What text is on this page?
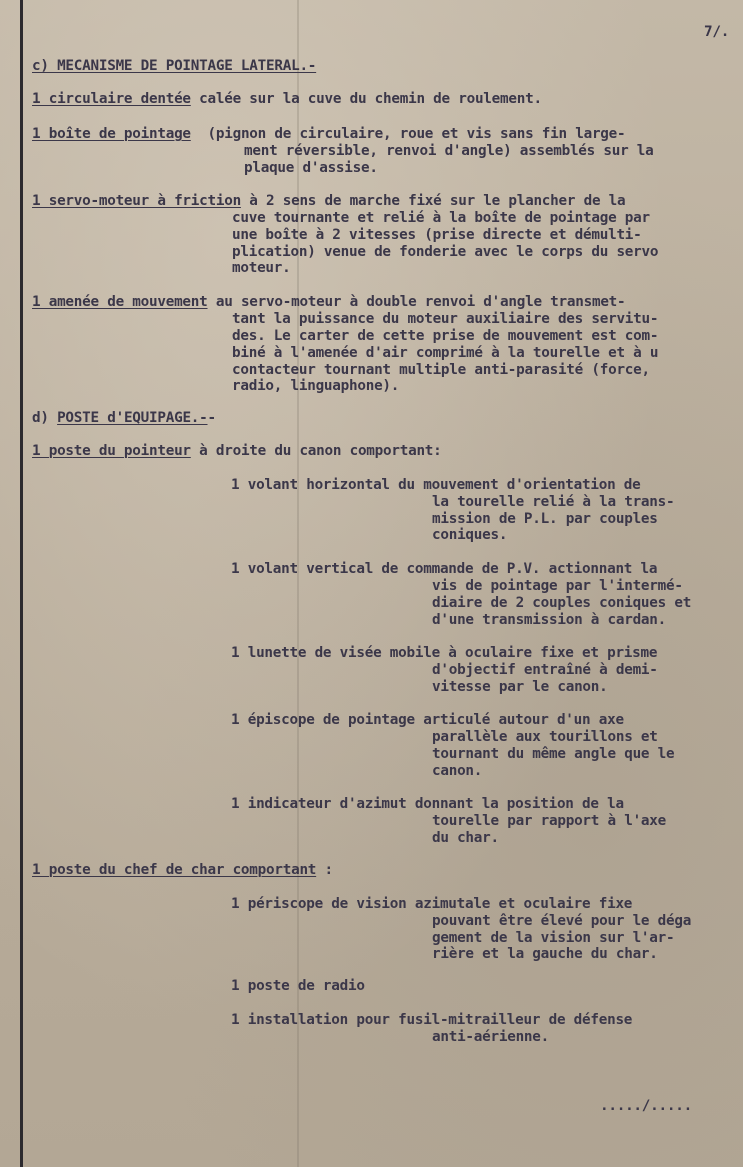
7/.

c) MECANISME DE POINTAGE LATERAL.-

1 circulaire dentée calée sur la cuve du chemin de roulement.

1 boîte de pointage  (pignon de circulaire, roue et vis sans fin large-

ment réversible, renvoi d'angle) assemblés sur la

plaque d'assise.

1 servo-moteur à friction à 2 sens de marche fixé sur le plancher de la

cuve tournante et relié à la boîte de pointage par

une boîte à 2 vitesses (prise directe et démulti-

plication) venue de fonderie avec le corps du servo

moteur.

1 amenée de mouvement au servo-moteur à double renvoi d'angle transmet-

tant la puissance du moteur auxiliaire des servitu-

des. Le carter de cette prise de mouvement est com-

biné à l'amenée d'air comprimé à la tourelle et à u

contacteur tournant multiple anti-parasité (force,

radio, linguaphone).

d) POSTE d'EQUIPAGE.--

1 poste du pointeur à droite du canon comportant:

1 volant horizontal du mouvement d'orientation de

la tourelle relié à la trans-

mission de P.L. par couples

coniques.

1 volant vertical de commande de P.V. actionnant la

vis de pointage par l'intermé-

diaire de 2 couples coniques et

d'une transmission à cardan.

1 lunette de visée mobile à oculaire fixe et prisme

d'objectif entraîné à demi-

vitesse par le canon.

1 épiscope de pointage articulé autour d'un axe

parallèle aux tourillons et

tournant du même angle que le

canon.

1 indicateur d'azimut donnant la position de la

tourelle par rapport à l'axe

du char.

1 poste du chef de char comportant :

1 périscope de vision azimutale et oculaire fixe

pouvant être élevé pour le déga

gement de la vision sur l'ar-

rière et la gauche du char.

1 poste de radio

1 installation pour fusil-mitrailleur de défense

anti-aérienne.

...../.....
